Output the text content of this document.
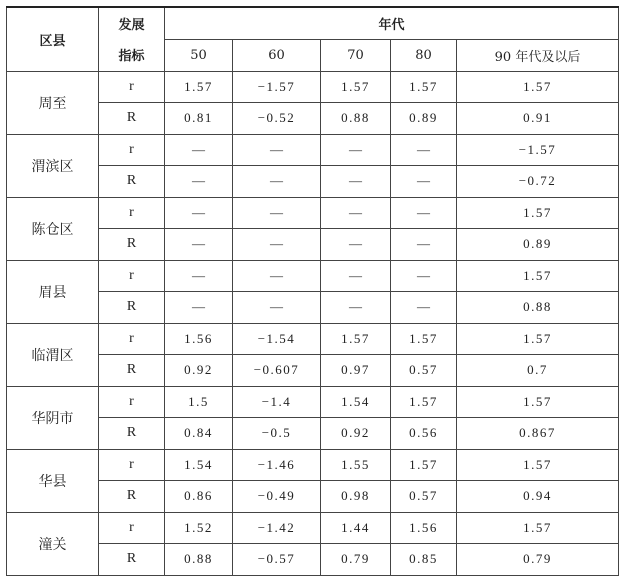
区县	发展	年代				
	指标	50	60	70	80	90 年代及以后
周至	r	1.57	−1.57	1.57	1.57	1.57
	R	0.81	−0.52	0.88	0.89	0.91
渭滨区	r	—	—	—	—	−1.57
	R	—	—	—	—	−0.72
陈仓区	r	—	—	—	—	1.57
	R	—	—	—	—	0.89
眉县	r	—	—	—	—	1.57
	R	—	—	—	—	0.88
临渭区	r	1.56	−1.54	1.57	1.57	1.57
	R	0.92	−0.607	0.97	0.57	0.7
华阴市	r	1.5	−1.4	1.54	1.57	1.57
	R	0.84	−0.5	0.92	0.56	0.867
华县	r	1.54	−1.46	1.55	1.57	1.57
	R	0.86	−0.49	0.98	0.57	0.94
潼关	r	1.52	−1.42	1.44	1.56	1.57
	R	0.88	−0.57	0.79	0.85	0.79
